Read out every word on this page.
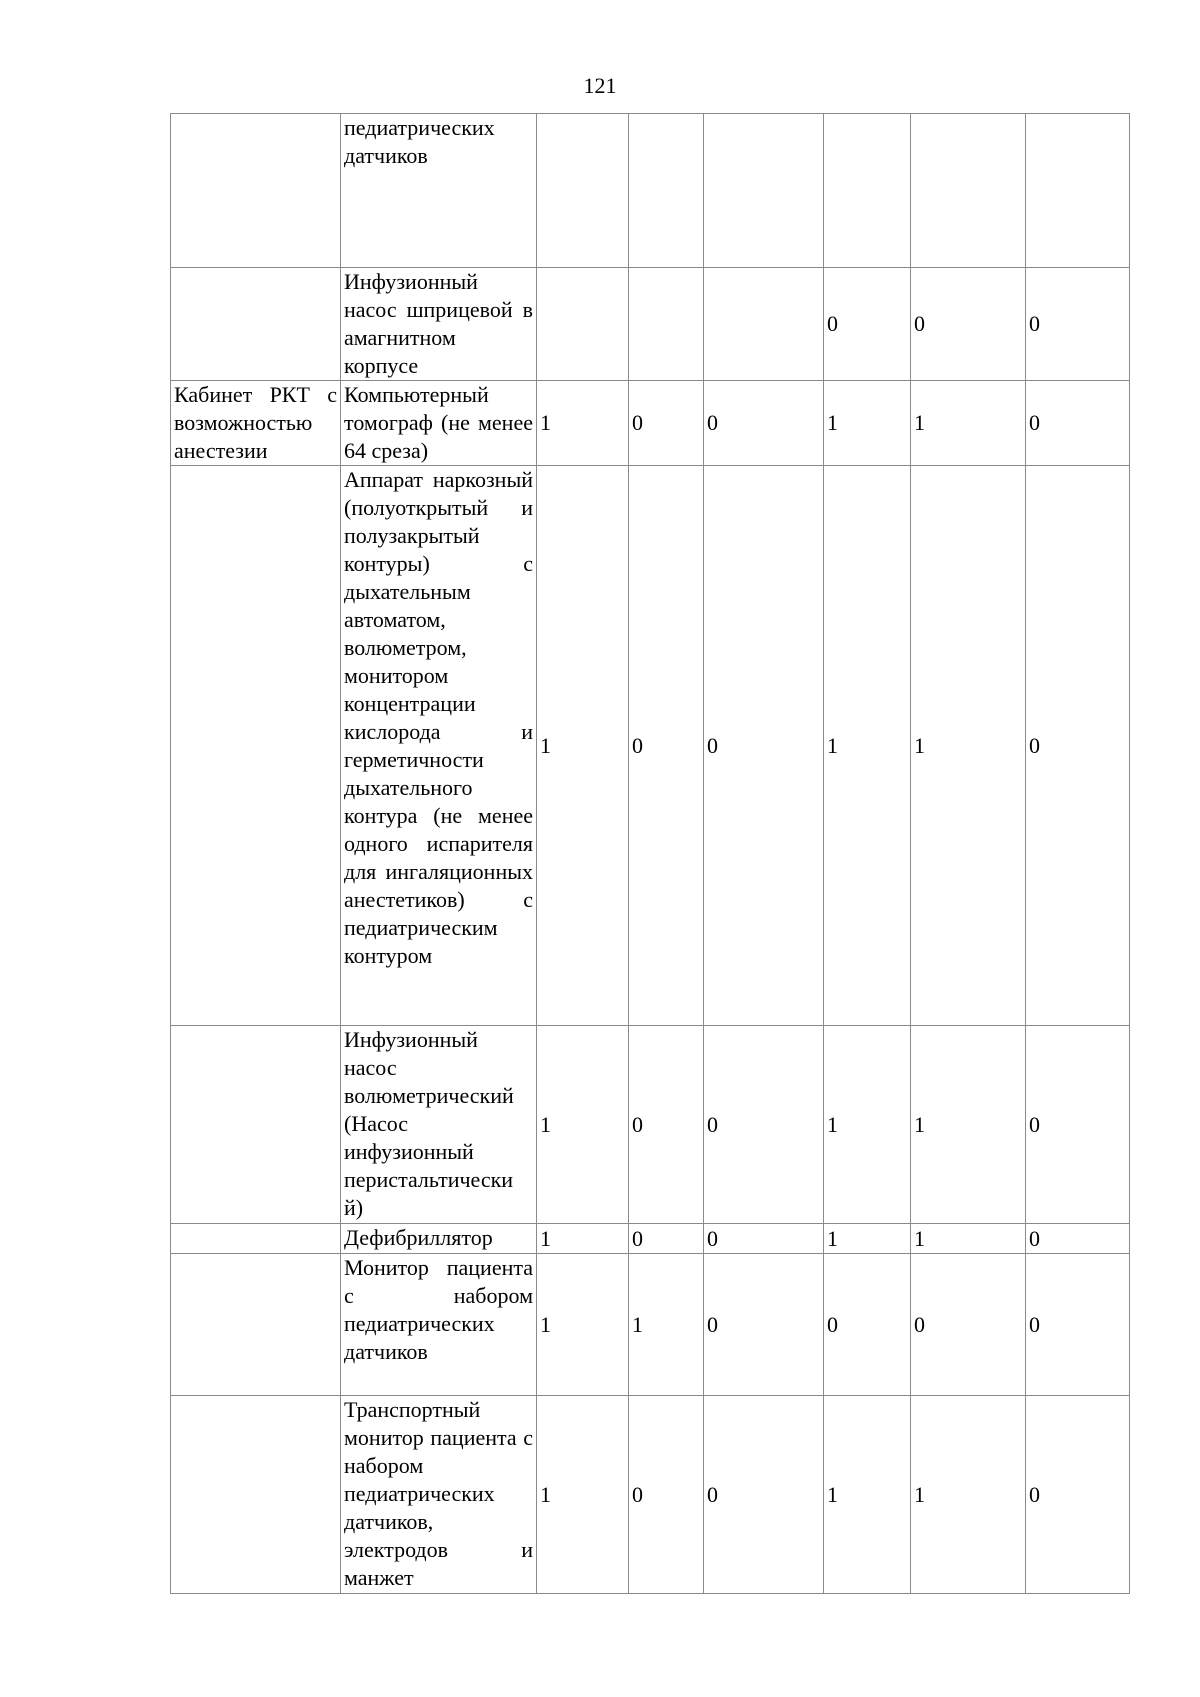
121
	педиатрических датчиков						
	Инфузионный насос шприцевой в амагнитном корпусе				0	0	0
Кабинет РКТ с возможностью анестезии	Компьютерный томограф (не менее 64 среза)	1	0	0	1	1	0
	Аппарат наркозный (полуоткрытый и полузакрытый контуры) с дыхательным автоматом, волюметром, монитором концентрации кислорода и герметичности дыхательного контура (не менее одного испарителя для ингаляционных анестетиков) с педиатрическим контуром	1	0	0	1	1	0
	Инфузионный насос волюметрический (Насос инфузионный перистальтически й)	1	0	0	1	1	0
	Дефибриллятор	1	0	0	1	1	0
	Монитор пациента с набором педиатрических датчиков	1	1	0	0	0	0
	Транспортный монитор пациента с набором педиатрических датчиков, электродов и манжет	1	0	0	1	1	0
